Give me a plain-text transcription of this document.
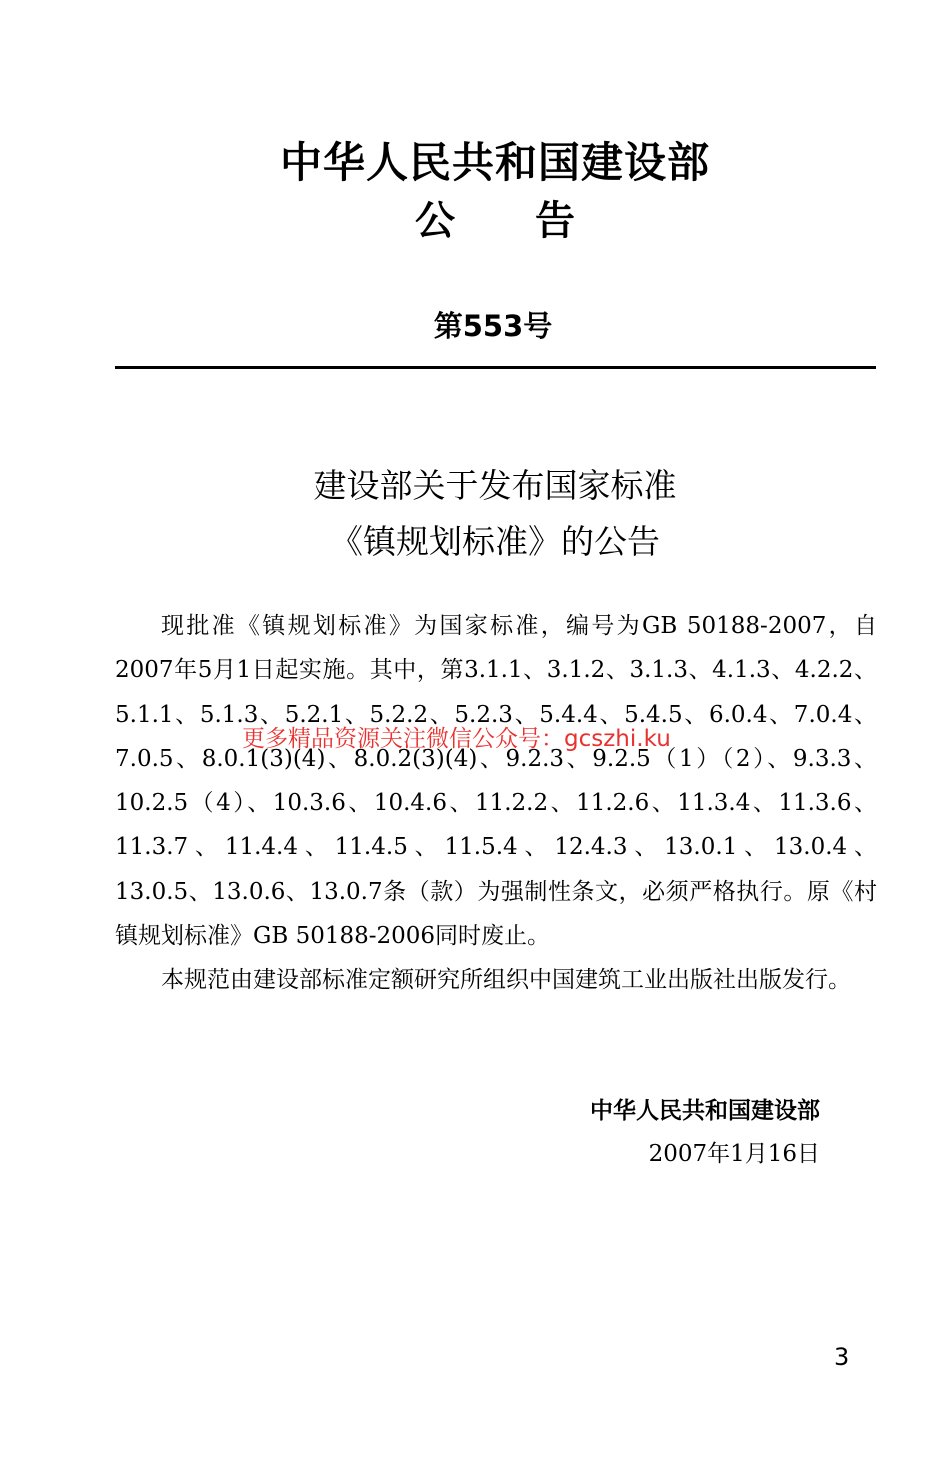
中华人民共和国建设部
公告
第553号
建设部关于发布国家标准
《镇规划标准》的公告

现批准《镇规划标准》为国家标准，编号为GB 50188-2007，自2007年5月1日起实施。其中，第3.1.1、3.1.2、3.1.3、4.1.3、4.2.2、5.1.1、5.1.3、5.2.1、5.2.2、5.2.3、5.4.4、5.4.5、6.0.4、7.0.4、7.0.5、8.0.1(3)(4)、8.0.2(3)(4)、9.2.3、9.2.5（1）（2）、9.3.3、10.2.5（4）、10.3.6、10.4.6、11.2.2、11.2.6、11.3.4、11.3.6、11.3.7、11.4.4、11.4.5、11.5.4、12.4.3、13.0.1、13.0.4、13.0.5、13.0.6、13.0.7条（款）为强制性条文，必须严格执行。原《村镇规划标准》GB 50188-2006同时废止。

本规范由建设部标准定额研究所组织中国建筑工业出版社出版发行。

中华人民共和国建设部
2007年1月16日
更多精品资源关注微信公众号：gcszhi.ku
3
